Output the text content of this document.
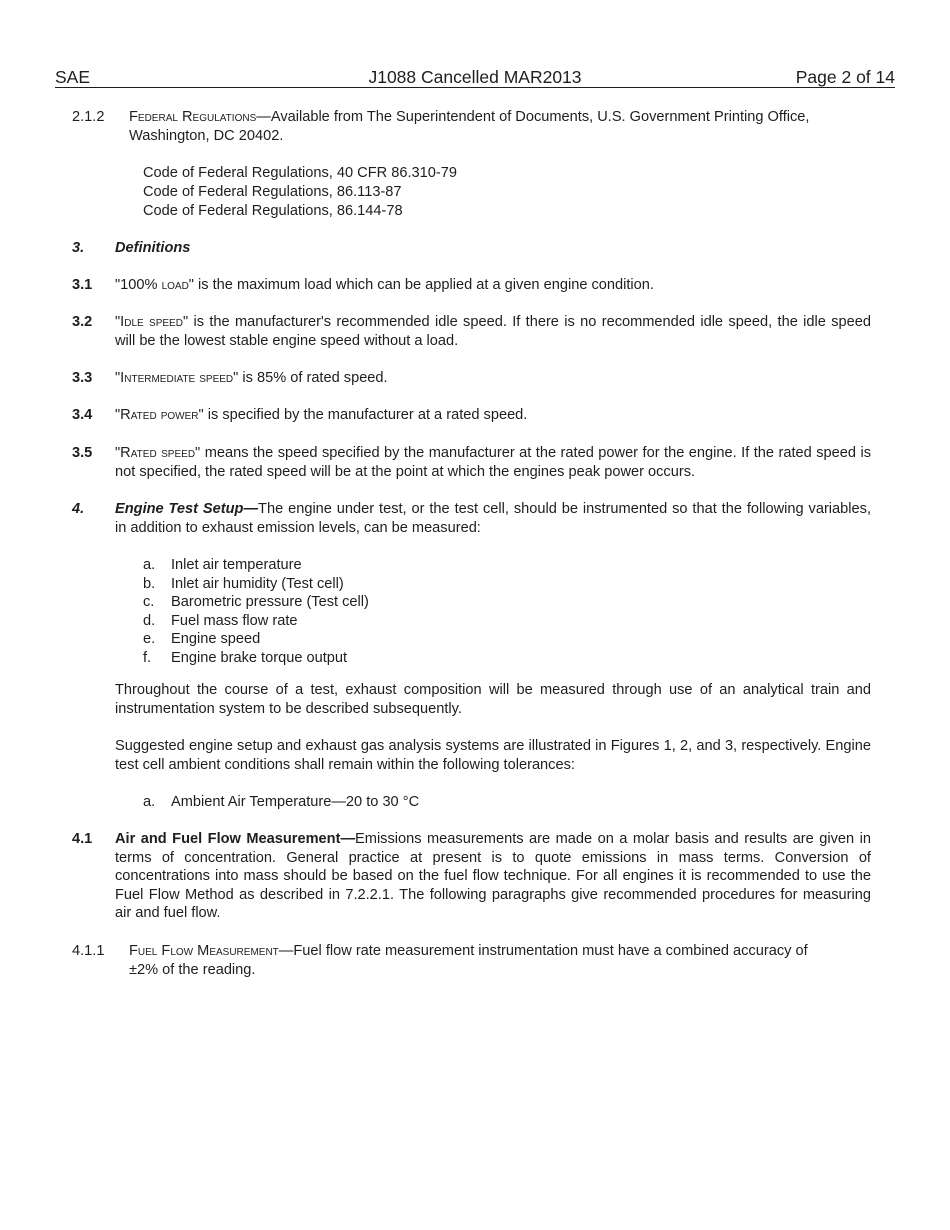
SAE	J1088 Cancelled MAR2013	Page 2 of 14
2.1.2 Federal Regulations—Available from The Superintendent of Documents, U.S. Government Printing Office,
Washington, DC 20402.
Code of Federal Regulations, 40 CFR 86.310-79
Code of Federal Regulations, 86.113-87
Code of Federal Regulations, 86.144-78
3. Definitions
3.1 "100% load" is the maximum load which can be applied at a given engine condition.
3.2 "Idle speed" is the manufacturer's recommended idle speed. If there is no recommended idle speed, the idle speed will be the lowest stable engine speed without a load.
3.3 "Intermediate speed" is 85% of rated speed.
3.4 "Rated power" is specified by the manufacturer at a rated speed.
3.5 "Rated speed" means the speed specified by the manufacturer at the rated power for the engine. If the rated speed is not specified, the rated speed will be at the point at which the engines peak power occurs.
4. Engine Test Setup—The engine under test, or the test cell, should be instrumented so that the following variables, in addition to exhaust emission levels, can be measured:
a. Inlet air temperature
b. Inlet air humidity (Test cell)
c. Barometric pressure (Test cell)
d. Fuel mass flow rate
e. Engine speed
f. Engine brake torque output
Throughout the course of a test, exhaust composition will be measured through use of an analytical train and instrumentation system to be described subsequently.
Suggested engine setup and exhaust gas analysis systems are illustrated in Figures 1, 2, and 3, respectively. Engine test cell ambient conditions shall remain within the following tolerances:
a. Ambient Air Temperature—20 to 30 °C
4.1 Air and Fuel Flow Measurement—Emissions measurements are made on a molar basis and results are given in terms of concentration. General practice at present is to quote emissions in mass terms. Conversion of concentrations into mass should be based on the fuel flow technique. For all engines it is recommended to use the Fuel Flow Method as described in 7.2.2.1. The following paragraphs give recommended procedures for measuring air and fuel flow.
4.1.1 Fuel Flow Measurement—Fuel flow rate measurement instrumentation must have a combined accuracy of
±2% of the reading.
